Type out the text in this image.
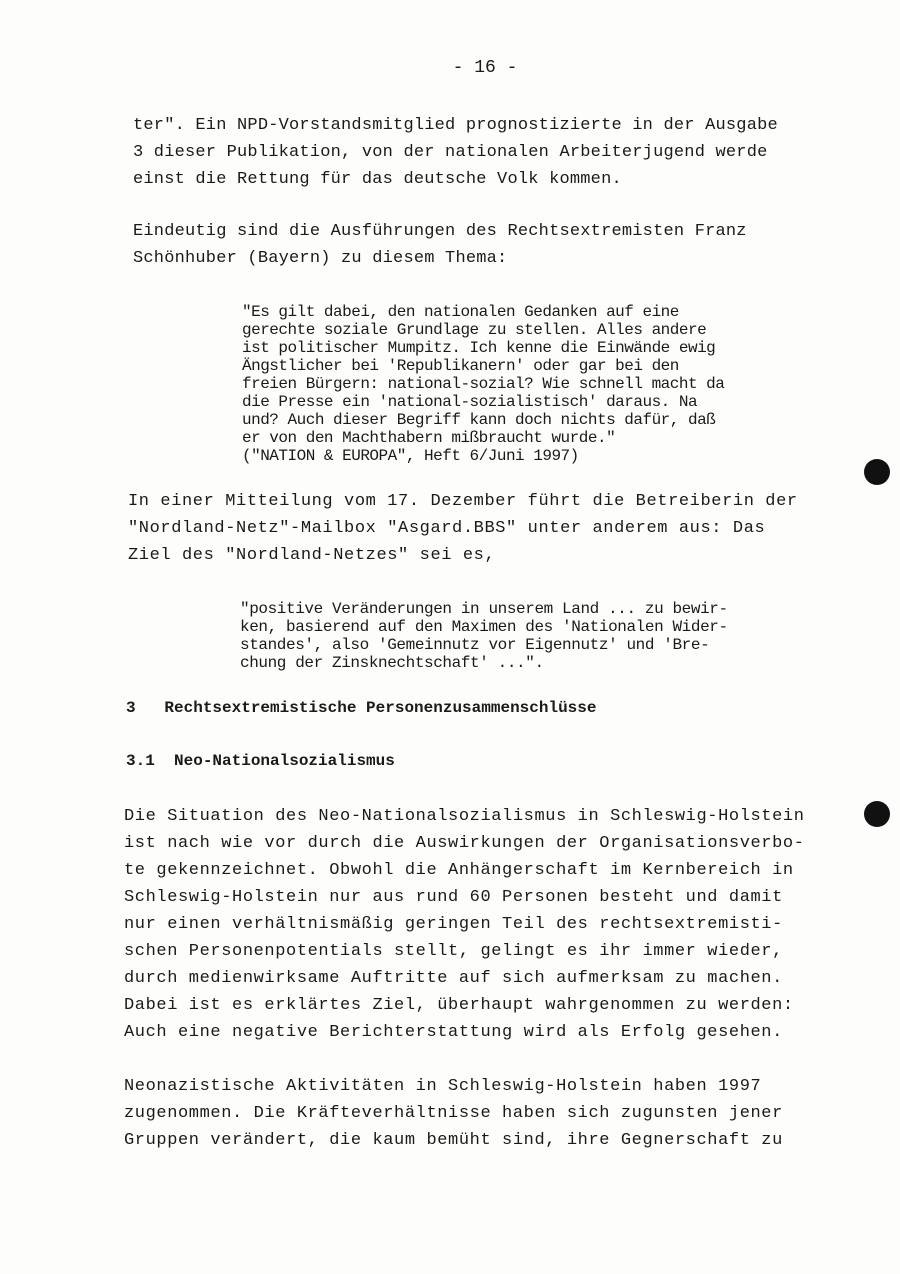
- 16 -

ter". Ein NPD-Vorstandsmitglied prognostizierte in der Ausgabe
3 dieser Publikation, von der nationalen Arbeiterjugend werde
einst die Rettung für das deutsche Volk kommen.

Eindeutig sind die Ausführungen des Rechtsextremisten Franz
Schönhuber (Bayern) zu diesem Thema:

"Es gilt dabei, den nationalen Gedanken auf eine
gerechte soziale Grundlage zu stellen. Alles andere
ist politischer Mumpitz. Ich kenne die Einwände ewig
Ängstlicher bei 'Republikanern' oder gar bei den
freien Bürgern: national-sozial? Wie schnell macht da
die Presse ein 'national-sozialistisch' daraus. Na
und? Auch dieser Begriff kann doch nichts dafür, daß
er von den Machthabern mißbraucht wurde."
("NATION & EUROPA", Heft 6/Juni 1997)

In einer Mitteilung vom 17. Dezember führt die Betreiberin der
"Nordland-Netz"-Mailbox "Asgard.BBS" unter anderem aus: Das
Ziel des "Nordland-Netzes" sei es,

"positive Veränderungen in unserem Land ... zu bewir-
ken, basierend auf den Maximen des 'Nationalen Wider-
standes', also 'Gemeinnutz vor Eigennutz' und 'Bre-
chung der Zinsknechtschaft' ...".

3   Rechtsextremistische Personenzusammenschlüsse

3.1  Neo-Nationalsozialismus

Die Situation des Neo-Nationalsozialismus in Schleswig-Holstein
ist nach wie vor durch die Auswirkungen der Organisationsverbo-
te gekennzeichnet. Obwohl die Anhängerschaft im Kernbereich in
Schleswig-Holstein nur aus rund 60 Personen besteht und damit
nur einen verhältnismäßig geringen Teil des rechtsextremisti-
schen Personenpotentials stellt, gelingt es ihr immer wieder,
durch medienwirksame Auftritte auf sich aufmerksam zu machen.
Dabei ist es erklärtes Ziel, überhaupt wahrgenommen zu werden:
Auch eine negative Berichterstattung wird als Erfolg gesehen.

Neonazistische Aktivitäten in Schleswig-Holstein haben 1997
zugenommen. Die Kräfteverhältnisse haben sich zugunsten jener
Gruppen verändert, die kaum bemüht sind, ihre Gegnerschaft zu
